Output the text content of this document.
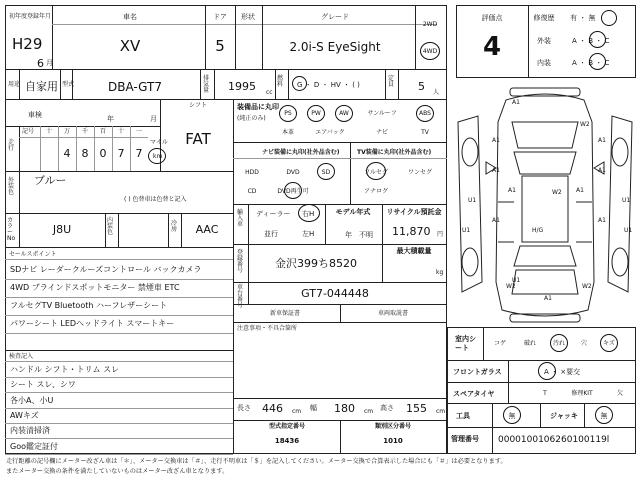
初年度登録年月
H29
6 月
車名
XV
ドア
5
形状	グレード
2.0i-S EyeSight
2WD
4WD
用途 自家用 型式	DBA-GT7
排気量	1995 cc
燃料	G ・ D ・ HV ・ ( )
定員	5 人
車検	年	月
シフト
FAT
走行
記号 十 万 千 百 十 一
4 8 0 7 7
マイル
km
外装色
ブルー
( ) 色替車は色替と記入
カラーNo
J8U
内装色
冷房 AAC
セールスポイント
SDナビ レーダークルーズコントロール バックカメラ
4WD ブラインドスポットモニター 禁煙車 ETC
フルセグTV Bluetooth ハーフレザーシート
パワーシート LEDヘッドライト スマートキー
検査記入
ハンドル シフト・トリム スレ
シート スレ、シワ
各小A、小U
AWキズ
内装清掃済
Goo鑑定証付
装備品に丸印
(純正のみ)
PS	PW	AW	サンルーフ	ABS
本革	エアバック	ナビ	TV
ナビ装備に丸印(社外品含む)	TV装備に丸印(社外品含む)
HDD	DVD	SD
CD	DVD再生可
フルセグ	ワンセグ
アナログ
輸入車
ディーラー
並行
右H
左H
モデル年式
年　不明
リサイクル預託金
11,870 円
登録番号
金沢399ち8520
最大積載量
kg
車台番号
GT7-044448
新車保証書	車両取説書
注意事項・不具合箇所
長さ 446 cm 幅 180 cm 高さ 155 cm
型式指定番号
18436
類別区分番号
1010
評価点
4
修復歴 有 ・ 無
外装	A ・ B ・ C
内装	A ・ B ・ C
A1
A1	A1
A1	A1
A1	A1
A1	A1
A1
W2
W2
W2
W2
U1	U1
U1	U1
U1
H/G
室内シート
コゲ	破れ	汚れ	穴	キズ
フロントガラス	A ・ ×要交
スペアタイヤ	T	修理KIT	欠
工具	無	ジャッキ	無
管理番号 0000100106260100119l
走行距離の記号欄にメーター改ざん車は「＊」、メーター交換車は「＃」、走行不明車は「＄」を記入してください。メーター交換で合算表示した場合にも「＃」は必要となります。
またメーター交換の条件を満たしていないものはメーター改ざん車となります。
